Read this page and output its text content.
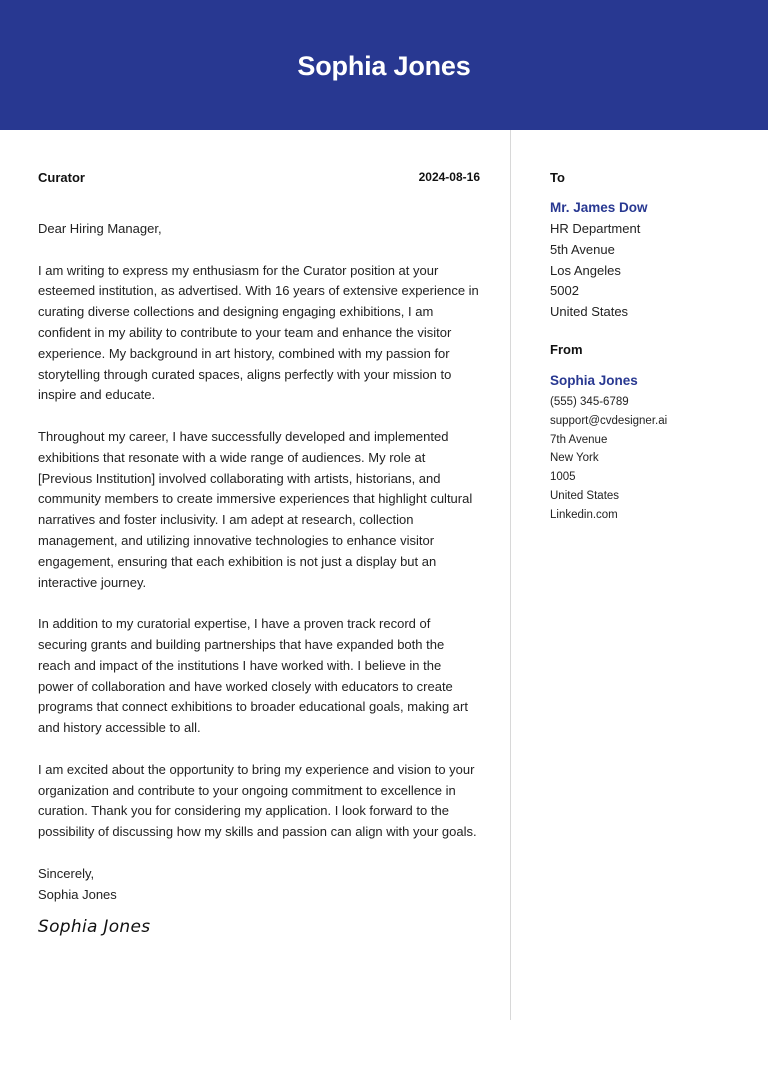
Sophia Jones
Curator	2024-08-16

Dear Hiring Manager,

I am writing to express my enthusiasm for the Curator position at your esteemed institution, as advertised. With 16 years of extensive experience in curating diverse collections and designing engaging exhibitions, I am confident in my ability to contribute to your team and enhance the visitor experience. My background in art history, combined with my passion for storytelling through curated spaces, aligns perfectly with your mission to inspire and educate.

Throughout my career, I have successfully developed and implemented exhibitions that resonate with a wide range of audiences. My role at [Previous Institution] involved collaborating with artists, historians, and community members to create immersive experiences that highlight cultural narratives and foster inclusivity. I am adept at research, collection management, and utilizing innovative technologies to enhance visitor engagement, ensuring that each exhibition is not just a display but an interactive journey.

In addition to my curatorial expertise, I have a proven track record of securing grants and building partnerships that have expanded both the reach and impact of the institutions I have worked with. I believe in the power of collaboration and have worked closely with educators to create programs that connect exhibitions to broader educational goals, making art and history accessible to all.

I am excited about the opportunity to bring my experience and vision to your organization and contribute to your ongoing commitment to excellence in curation. Thank you for considering my application. I look forward to the possibility of discussing how my skills and passion can align with your goals.

Sincerely,
Sophia Jones
Sophia Jones
To
Mr. James Dow
HR Department
5th Avenue
Los Angeles
5002
United States
From
Sophia Jones
(555) 345-6789
support@cvdesigner.ai
7th Avenue
New York
1005
United States
Linkedin.com
